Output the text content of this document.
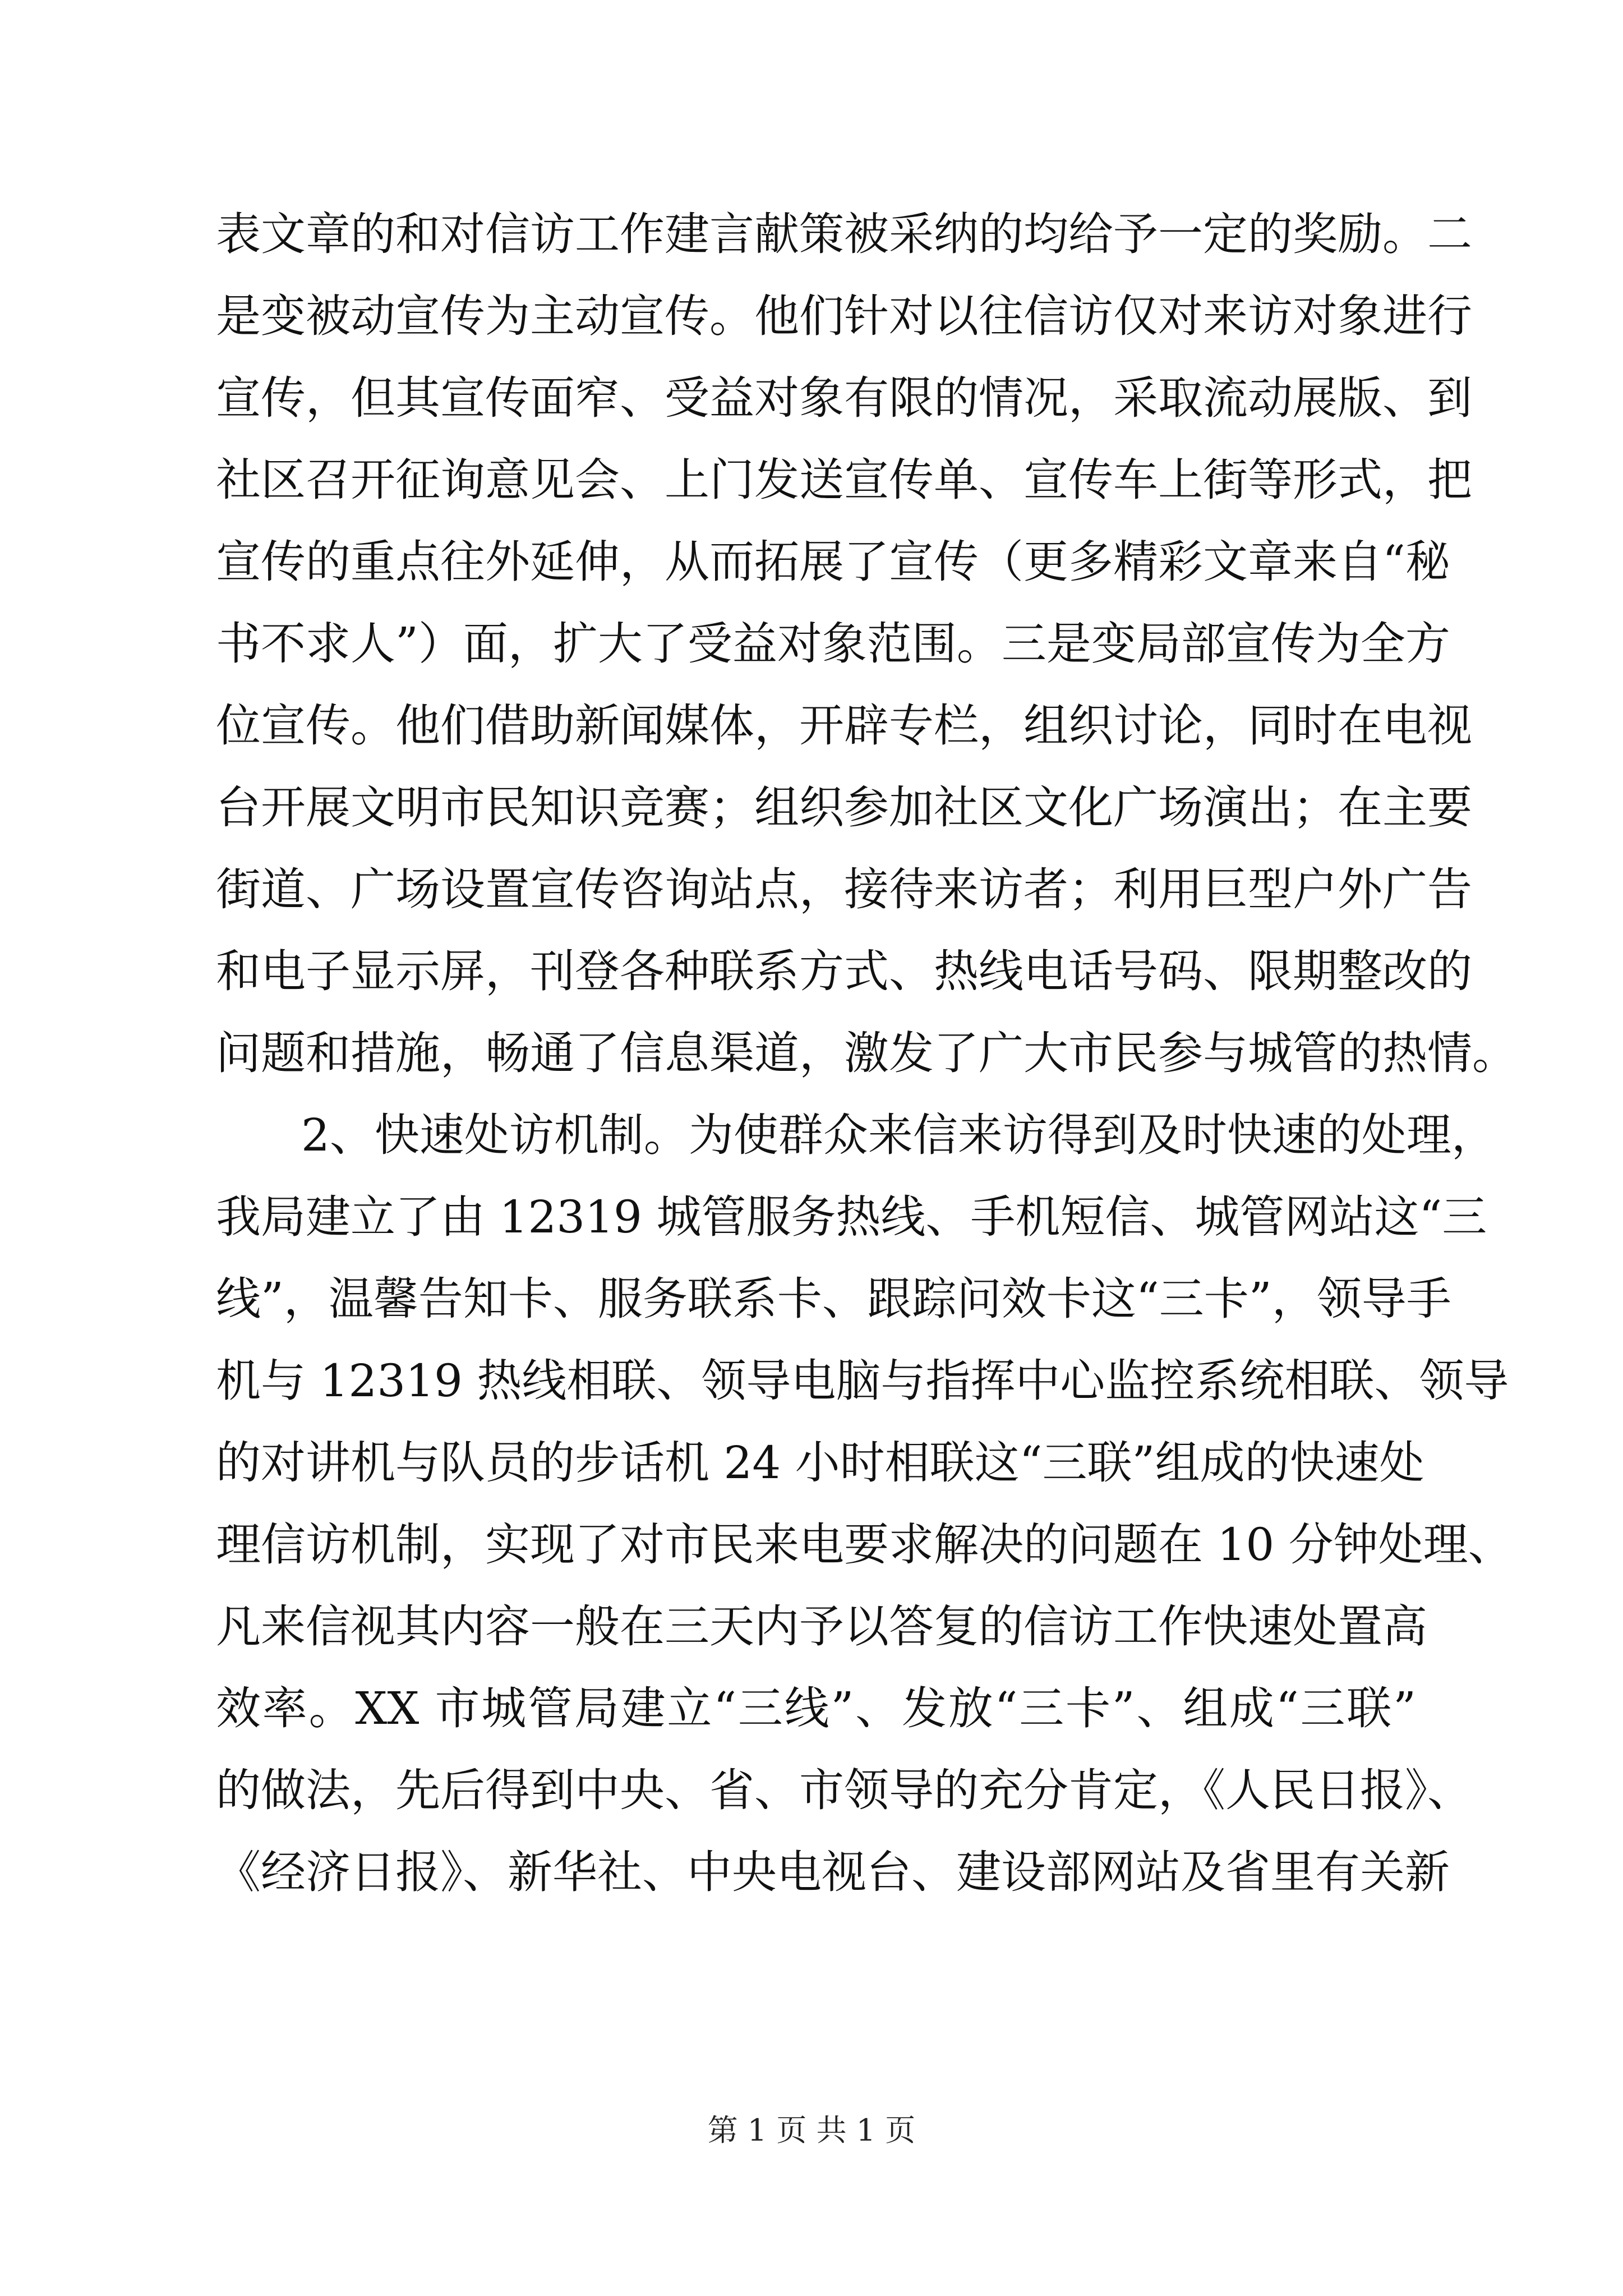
表文章的和对信访工作建言献策被采纳的均给予一定的奖励。二
是变被动宣传为主动宣传。他们针对以往信访仅对来访对象进行
宣传，但其宣传面窄、受益对象有限的情况，采取流动展版、到
社区召开征询意见会、上门发送宣传单、宣传车上街等形式，把
宣传的重点往外延伸，从而拓展了宣传（更多精彩文章来自“秘
书不求人”）面，扩大了受益对象范围。三是变局部宣传为全方
位宣传。他们借助新闻媒体，开辟专栏，组织讨论，同时在电视
台开展文明市民知识竞赛；组织参加社区文化广场演出；在主要
街道、广场设置宣传咨询站点，接待来访者；利用巨型户外广告
和电子显示屏，刊登各种联系方式、热线电话号码、限期整改的
问题和措施，畅通了信息渠道，激发了广大市民参与城管的热情。
2、快速处访机制。为使群众来信来访得到及时快速的处理，
我局建立了由 12319 城管服务热线、手机短信、城管网站这“三
线”，温馨告知卡、服务联系卡、跟踪问效卡这“三卡”，领导手
机与 12319 热线相联、领导电脑与指挥中心监控系统相联、领导
的对讲机与队员的步话机 24 小时相联这“三联”组成的快速处
理信访机制，实现了对市民来电要求解决的问题在 10 分钟处理、
凡来信视其内容一般在三天内予以答复的信访工作快速处置高
效率。XX 市城管局建立“三线”、发放“三卡”、组成“三联”
的做法，先后得到中央、省、市领导的充分肯定，《人民日报》、
《经济日报》、新华社、中央电视台、建设部网站及省里有关新
第 1 页 共 1 页
